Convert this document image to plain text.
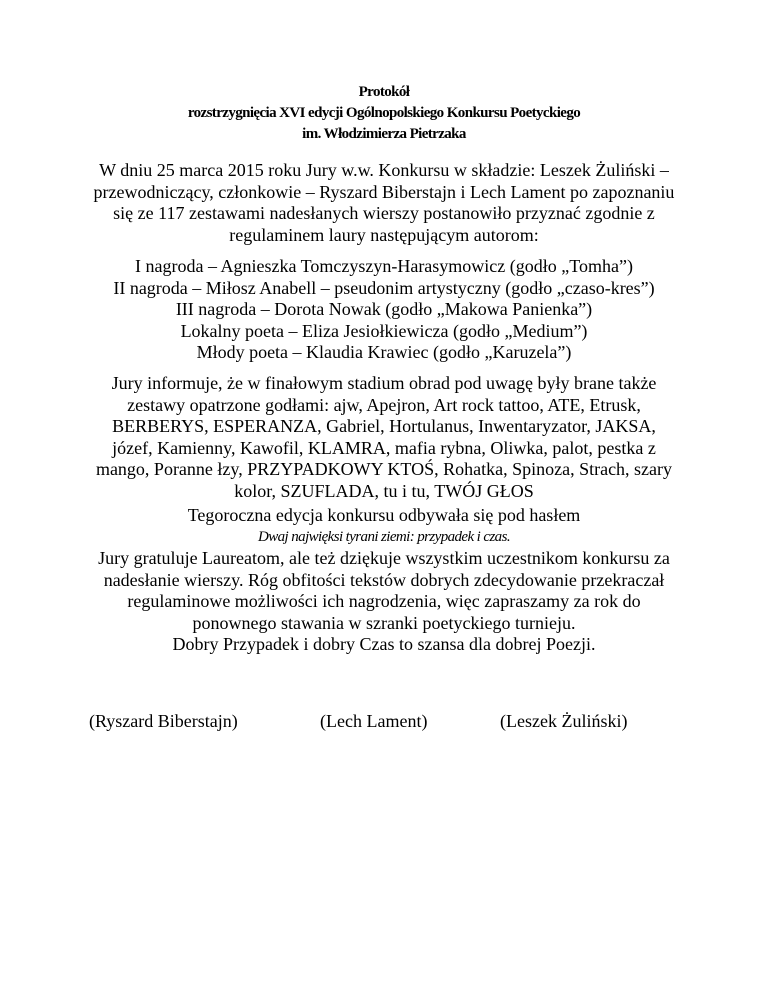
Protokół
rozstrzygnięcia XVI edycji Ogólnopolskiego Konkursu Poetyckiego
im. Włodzimierza Pietrzaka
W dniu 25 marca 2015 roku Jury w.w. Konkursu w składzie: Leszek Żuliński –
przewodniczący, członkowie – Ryszard Biberstajn i Lech Lament po zapoznaniu
się ze 117 zestawami nadesłanych wierszy postanowiło przyznać zgodnie z
regulaminem laury następującym autorom:
I nagroda – Agnieszka Tomczyszyn-Harasymowicz (godło „Tomha”)
II nagroda – Miłosz Anabell – pseudonim artystyczny (godło „czaso-kres”)
III nagroda – Dorota Nowak (godło „Makowa Panienka”)
Lokalny poeta – Eliza Jesiołkiewicza (godło „Medium”)
Młody poeta – Klaudia Krawiec (godło „Karuzela”)
Jury informuje, że w finałowym stadium obrad pod uwagę były brane także
zestawy opatrzone godłami: ajw, Apejron, Art rock tattoo, ATE, Etrusk,
BERBERYS, ESPERANZA, Gabriel, Hortulanus, Inwentaryzator, JAKSA,
józef, Kamienny, Kawofil, KLAMRA, mafia rybna, Oliwka, palot, pestka z
mango, Poranne łzy, PRZYPADKOWY KTOŚ, Rohatka, Spinoza, Strach, szary
kolor, SZUFLADA, tu i tu, TWÓJ GŁOS
Tegoroczna edycja konkursu odbywała się pod hasłem
Dwaj najwięksi tyrani ziemi: przypadek i czas.
Jury gratuluje Laureatom, ale też dziękuje wszystkim uczestnikom konkursu za
nadesłanie wierszy. Róg obfitości tekstów dobrych zdecydowanie przekraczał
regulaminowe możliwości ich nagrodzenia, więc zapraszamy za rok do
ponownego stawania w szranki poetyckiego turnieju.
Dobry Przypadek i dobry Czas to szansa dla dobrej Poezji.
(Ryszard Biberstajn)	(Lech Lament)	(Leszek Żuliński)
